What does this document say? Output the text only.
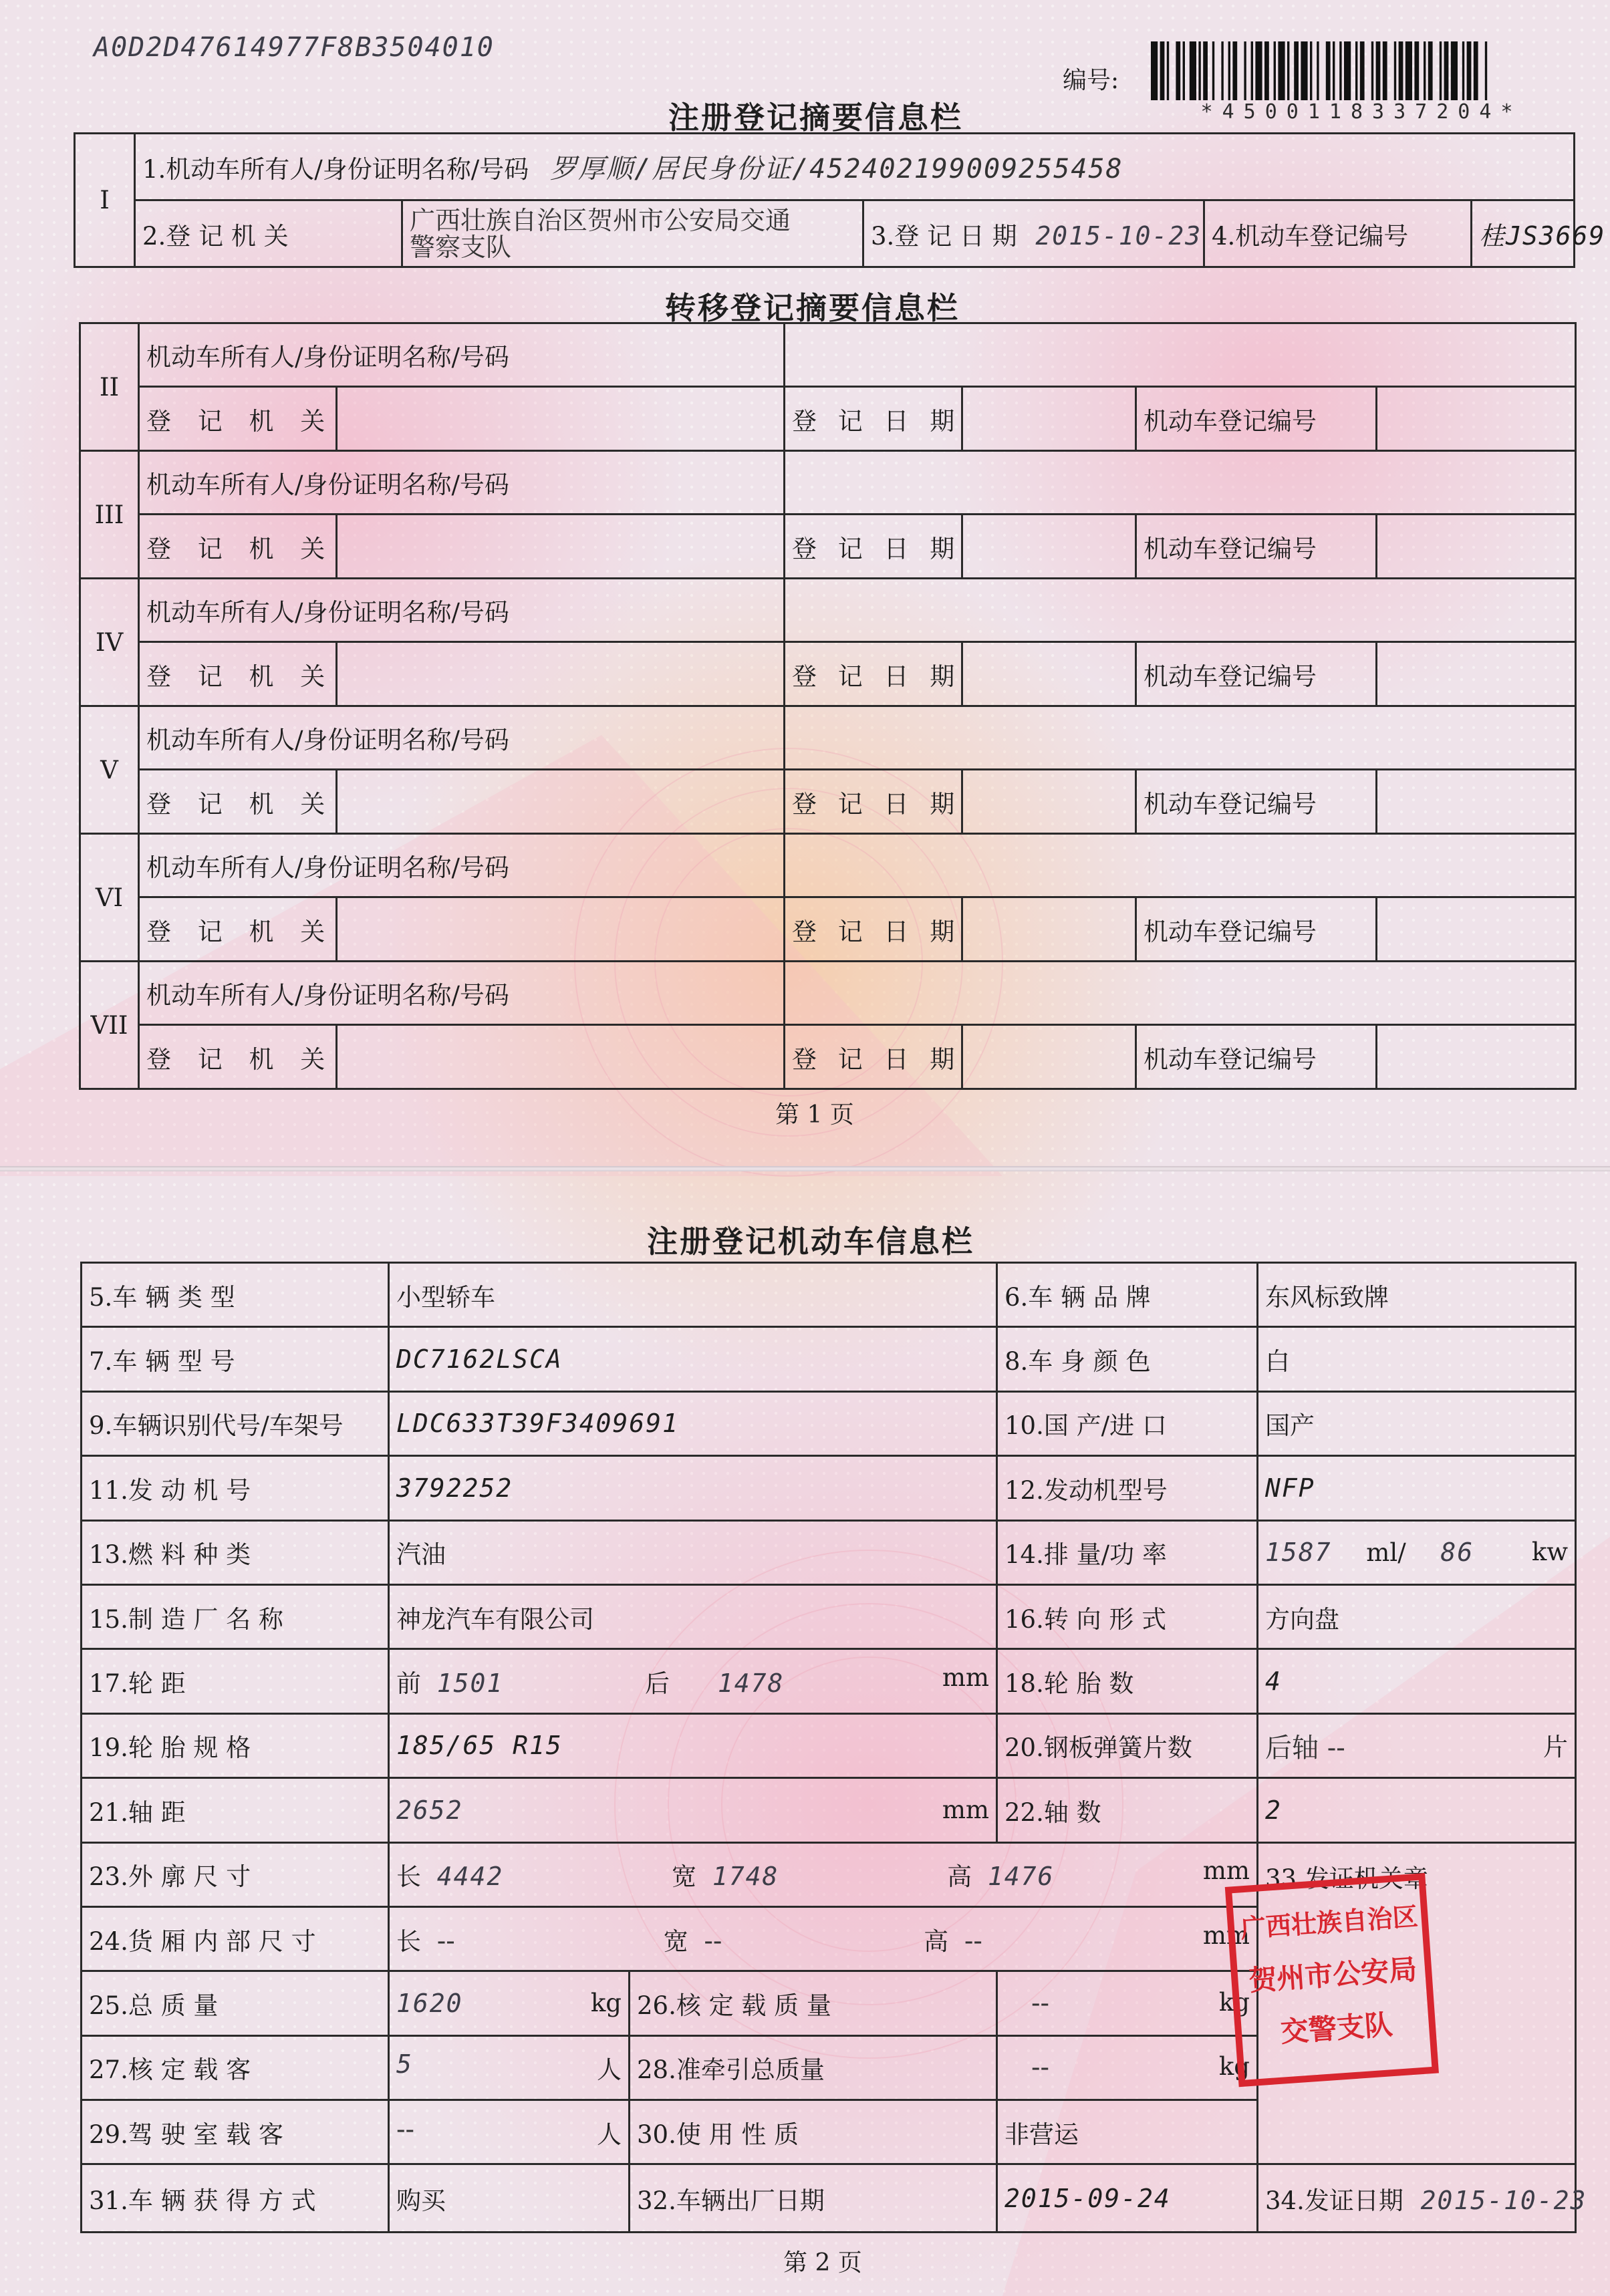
A0D2D47614977F8B3504010
编号:
*4500118337204*
注册登记摘要信息栏
I	1.机动车所有人/身份证明名称/号码 罗厚顺/居民身份证/452402199009255458				
	2.登 记 机 关	广西壮族自治区贺州市公安局交通
警察支队	3.登 记 日 期 2015-10-23	4.机动车登记编号	桂JS3669
转移登记摘要信息栏
II	机动车所有人/身份证明名称/号码					
	登 记 机 关		登 记 日 期		机动车登记编号	
III	机动车所有人/身份证明名称/号码					
	登 记 机 关		登 记 日 期		机动车登记编号	
IV	机动车所有人/身份证明名称/号码					
	登 记 机 关		登 记 日 期		机动车登记编号	
V	机动车所有人/身份证明名称/号码					
	登 记 机 关		登 记 日 期		机动车登记编号	
VI	机动车所有人/身份证明名称/号码					
	登 记 机 关		登 记 日 期		机动车登记编号	
VII	机动车所有人/身份证明名称/号码					
	登 记 机 关		登 记 日 期		机动车登记编号	
第 1 页
注册登记机动车信息栏
5.车 辆 类 型	小型轿车		6.车 辆 品 牌	东风标致牌
7.车 辆 型 号	DC7162LSCA		8.车 身 颜 色	白
9.车辆识别代号/车架号	LDC633T39F3409691		10.国 产/进 口	国产
11.发 动 机 号	3792252		12.发动机型号	NFP
13.燃 料 种 类	汽油		14.排 量/功 率	1587 ml/ 86 kw

15.制 造 厂 名 称	神龙汽车有限公司		16.转 向 形 式	方向盘
17.轮 距	前 1501 后 1478 mm		18.轮 胎 数	4
19.轮 胎 规 格	185/65 R15		20.钢板弹簧片数	后轴 -- 片

21.轴 距	2652 mm		22.轴 数	2
23.外 廓 尺 寸	长 4442 宽 1748 高 1476 mm			33.发证机关章
24.货 厢 内 部 尺 寸	长 -- 宽 -- 高 -- mm			

25.总 质 量	1620 kg	26.核 定 载 质 量	-- kg	

27.核 定 载 客	5 人	28.准牵引总质量	-- kg	

29.驾 驶 室 载 客	-- 人	30.使 用 性 质	非营运	
31.车 辆 获 得 方 式	购买	32.车辆出厂日期	2015-09-24	34.发证日期 2015-10-23
广西壮族自治区
贺州市公安局
交警支队
第 2 页
